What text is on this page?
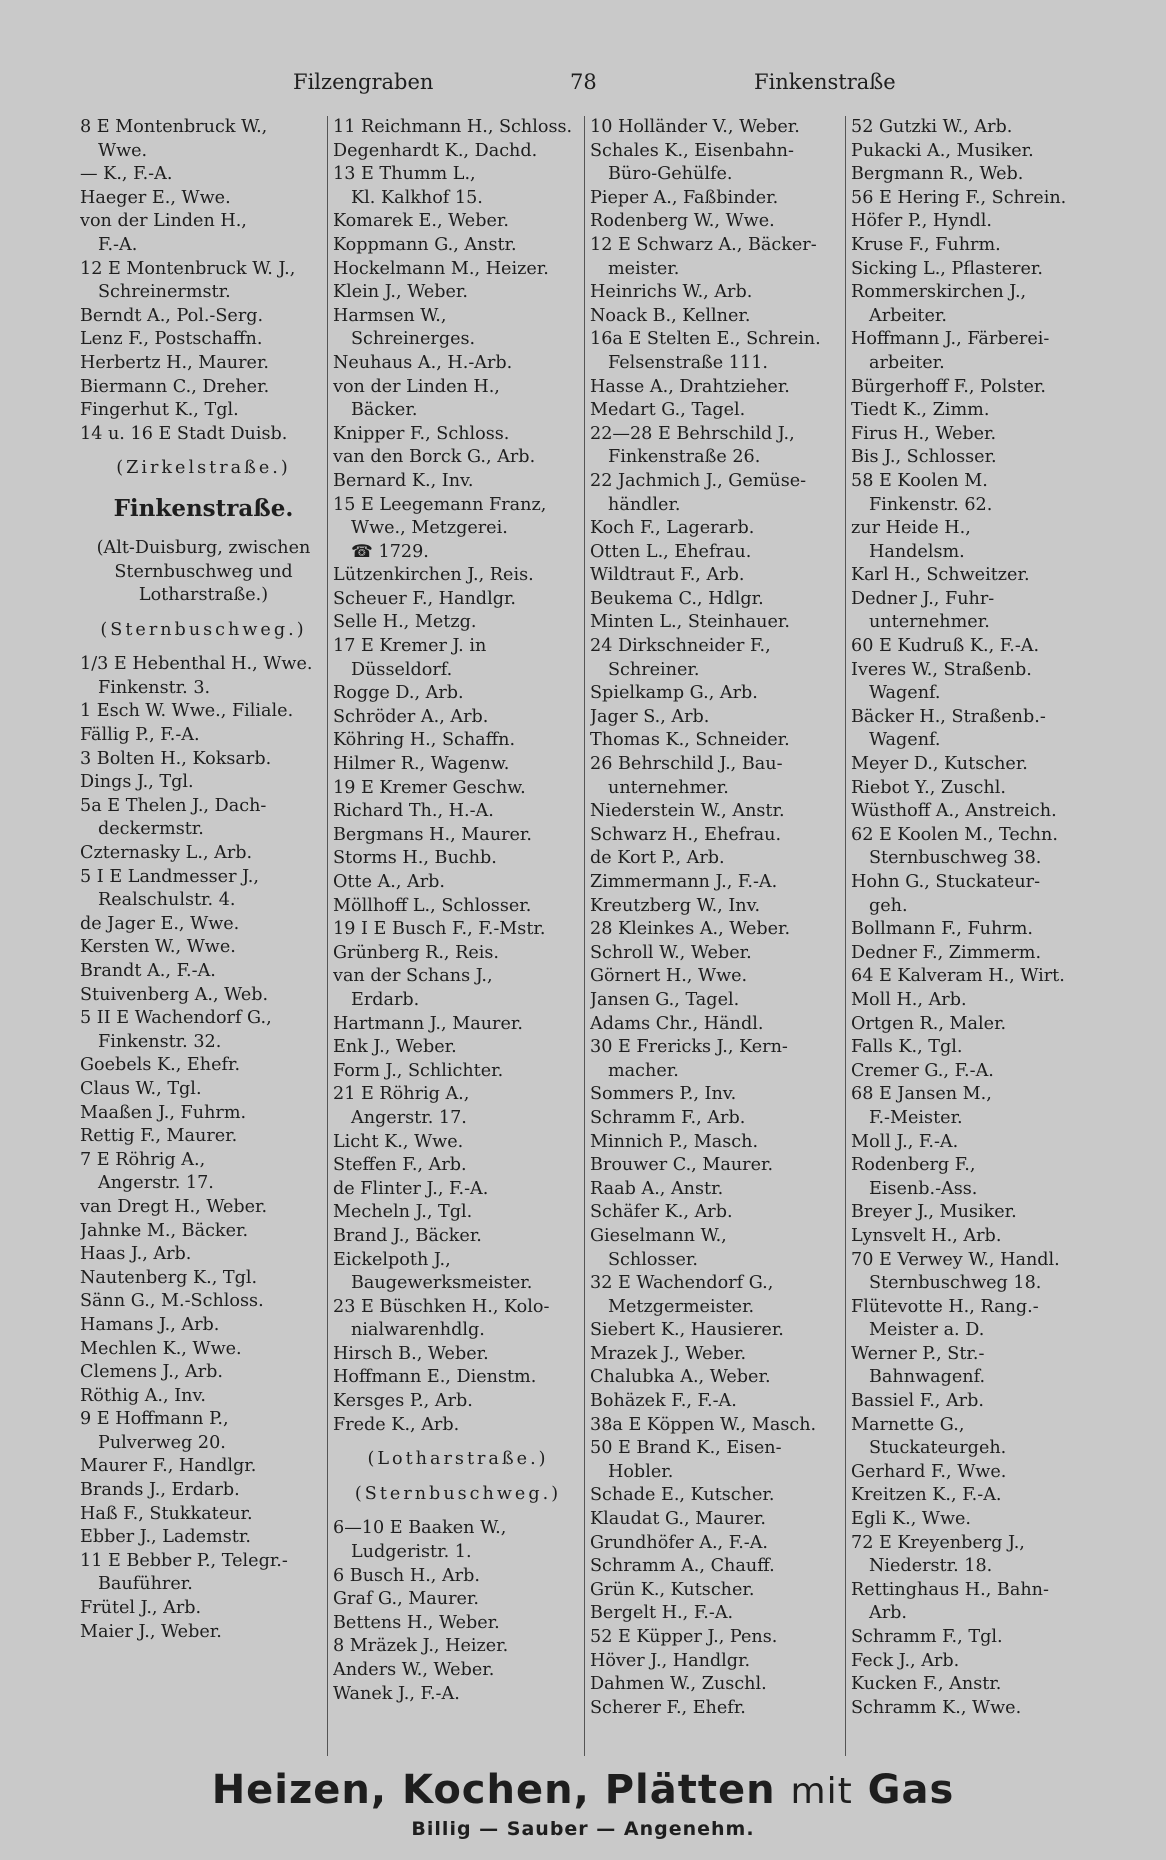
Filzengraben	78	Finkenstraße
8 E Montenbruck W.,
Wwe.
— K., F.-A.
Haeger E., Wwe.
von der Linden H.,
F.-A.
12 E Montenbruck W. J.,
Schreinermstr.
Berndt A., Pol.-Serg.
Lenz F., Postschaffn.
Herbertz H., Maurer.
Biermann C., Dreher.
Fingerhut K., Tgl.
14 u. 16 E Stadt Duisb.
(Zirkelstraße.)
Finkenstraße.
(Alt-Duisburg, zwischen
Sternbuschweg und
Lotharstraße.)
(Sternbuschweg.)
1/3 E Hebenthal H., Wwe.
Finkenstr. 3.
1 Esch W. Wwe., Filiale.
Fällig P., F.-A.
3 Bolten H., Koksarb.
Dings J., Tgl.
5a E Thelen J., Dach-
deckermstr.
Czternasky L., Arb.
5 I E Landmesser J.,
Realschulstr. 4.
de Jager E., Wwe.
Kersten W., Wwe.
Brandt A., F.-A.
Stuivenberg A., Web.
5 II E Wachendorf G.,
Finkenstr. 32.
Goebels K., Ehefr.
Claus W., Tgl.
Maaßen J., Fuhrm.
Rettig F., Maurer.
7 E Röhrig A.,
Angerstr. 17.
van Dregt H., Weber.
Jahnke M., Bäcker.
Haas J., Arb.
Nautenberg K., Tgl.
Sänn G., M.-Schloss.
Hamans J., Arb.
Mechlen K., Wwe.
Clemens J., Arb.
Röthig A., Inv.
9 E Hoffmann P.,
Pulverweg 20.
Maurer F., Handlgr.
Brands J., Erdarb.
Haß F., Stukkateur.
Ebber J., Lademstr.
11 E Bebber P., Telegr.-
Bauführer.
Frütel J., Arb.
Maier J., Weber.
11 Reichmann H., Schloss.
Degenhardt K., Dachd.
13 E Thumm L.,
Kl. Kalkhof 15.
Komarek E., Weber.
Koppmann G., Anstr.
Hockelmann M., Heizer.
Klein J., Weber.
Harmsen W.,
Schreinerges.
Neuhaus A., H.-Arb.
von der Linden H.,
Bäcker.
Knipper F., Schloss.
van den Borck G., Arb.
Bernard K., Inv.
15 E Leegemann Franz,
Wwe., Metzgerei.
☎ 1729.
Lützenkirchen J., Reis.
Scheuer F., Handlgr.
Selle H., Metzg.
17 E Kremer J. in
Düsseldorf.
Rogge D., Arb.
Schröder A., Arb.
Köhring H., Schaffn.
Hilmer R., Wagenw.
19 E Kremer Geschw.
Richard Th., H.-A.
Bergmans H., Maurer.
Storms H., Buchb.
Otte A., Arb.
Möllhoff L., Schlosser.
19 I E Busch F., F.-Mstr.
Grünberg R., Reis.
van der Schans J.,
Erdarb.
Hartmann J., Maurer.
Enk J., Weber.
Form J., Schlichter.
21 E Röhrig A.,
Angerstr. 17.
Licht K., Wwe.
Steffen F., Arb.
de Flinter J., F.-A.
Mecheln J., Tgl.
Brand J., Bäcker.
Eickelpoth J.,
Baugewerksmeister.
23 E Büschken H., Kolo-
nialwarenhdlg.
Hirsch B., Weber.
Hoffmann E., Dienstm.
Kersges P., Arb.
Frede K., Arb.
(Lotharstraße.)
(Sternbuschweg.)
6—10 E Baaken W.,
Ludgeristr. 1.
6 Busch H., Arb.
Graf G., Maurer.
Bettens H., Weber.
8 Mräzek J., Heizer.
Anders W., Weber.
Wanek J., F.-A.
10 Holländer V., Weber.
Schales K., Eisenbahn-
Büro-Gehülfe.
Pieper A., Faßbinder.
Rodenberg W., Wwe.
12 E Schwarz A., Bäcker-
meister.
Heinrichs W., Arb.
Noack B., Kellner.
16a E Stelten E., Schrein.
Felsenstraße 111.
Hasse A., Drahtzieher.
Medart G., Tagel.
22—28 E Behrschild J.,
Finkenstraße 26.
22 Jachmich J., Gemüse-
händler.
Koch F., Lagerarb.
Otten L., Ehefrau.
Wildtraut F., Arb.
Beukema C., Hdlgr.
Minten L., Steinhauer.
24 Dirkschneider F.,
Schreiner.
Spielkamp G., Arb.
Jager S., Arb.
Thomas K., Schneider.
26 Behrschild J., Bau-
unternehmer.
Niederstein W., Anstr.
Schwarz H., Ehefrau.
de Kort P., Arb.
Zimmermann J., F.-A.
Kreutzberg W., Inv.
28 Kleinkes A., Weber.
Schroll W., Weber.
Görnert H., Wwe.
Jansen G., Tagel.
Adams Chr., Händl.
30 E Frericks J., Kern-
macher.
Sommers P., Inv.
Schramm F., Arb.
Minnich P., Masch.
Brouwer C., Maurer.
Raab A., Anstr.
Schäfer K., Arb.
Gieselmann W.,
Schlosser.
32 E Wachendorf G.,
Metzgermeister.
Siebert K., Hausierer.
Mrazek J., Weber.
Chalubka A., Weber.
Bohäzek F., F.-A.
38a E Köppen W., Masch.
50 E Brand K., Eisen-
Hobler.
Schade E., Kutscher.
Klaudat G., Maurer.
Grundhöfer A., F.-A.
Schramm A., Chauff.
Grün K., Kutscher.
Bergelt H., F.-A.
52 E Küpper J., Pens.
Höver J., Handlgr.
Dahmen W., Zuschl.
Scherer F., Ehefr.
52 Gutzki W., Arb.
Pukacki A., Musiker.
Bergmann R., Web.
56 E Hering F., Schrein.
Höfer P., Hyndl.
Kruse F., Fuhrm.
Sicking L., Pflasterer.
Rommerskirchen J.,
Arbeiter.
Hoffmann J., Färberei-
arbeiter.
Bürgerhoff F., Polster.
Tiedt K., Zimm.
Firus H., Weber.
Bis J., Schlosser.
58 E Koolen M.
Finkenstr. 62.
zur Heide H.,
Handelsm.
Karl H., Schweitzer.
Dedner J., Fuhr-
unternehmer.
60 E Kudruß K., F.-A.
Iveres W., Straßenb.
Wagenf.
Bäcker H., Straßenb.-
Wagenf.
Meyer D., Kutscher.
Riebot Y., Zuschl.
Wüsthoff A., Anstreich.
62 E Koolen M., Techn.
Sternbuschweg 38.
Hohn G., Stuckateur-
geh.
Bollmann F., Fuhrm.
Dedner F., Zimmerm.
64 E Kalveram H., Wirt.
Moll H., Arb.
Ortgen R., Maler.
Falls K., Tgl.
Cremer G., F.-A.
68 E Jansen M.,
F.-Meister.
Moll J., F.-A.
Rodenberg F.,
Eisenb.-Ass.
Breyer J., Musiker.
Lynsvelt H., Arb.
70 E Verwey W., Handl.
Sternbuschweg 18.
Flütevotte H., Rang.-
Meister a. D.
Werner P., Str.-
Bahnwagenf.
Bassiel F., Arb.
Marnette G.,
Stuckateurgeh.
Gerhard F., Wwe.
Kreitzen K., F.-A.
Egli K., Wwe.
72 E Kreyenberg J.,
Niederstr. 18.
Rettinghaus H., Bahn-
Arb.
Schramm F., Tgl.
Feck J., Arb.
Kucken F., Anstr.
Schramm K., Wwe.
Heizen, Kochen, Plätten mit Gas
Billig — Sauber — Angenehm.
